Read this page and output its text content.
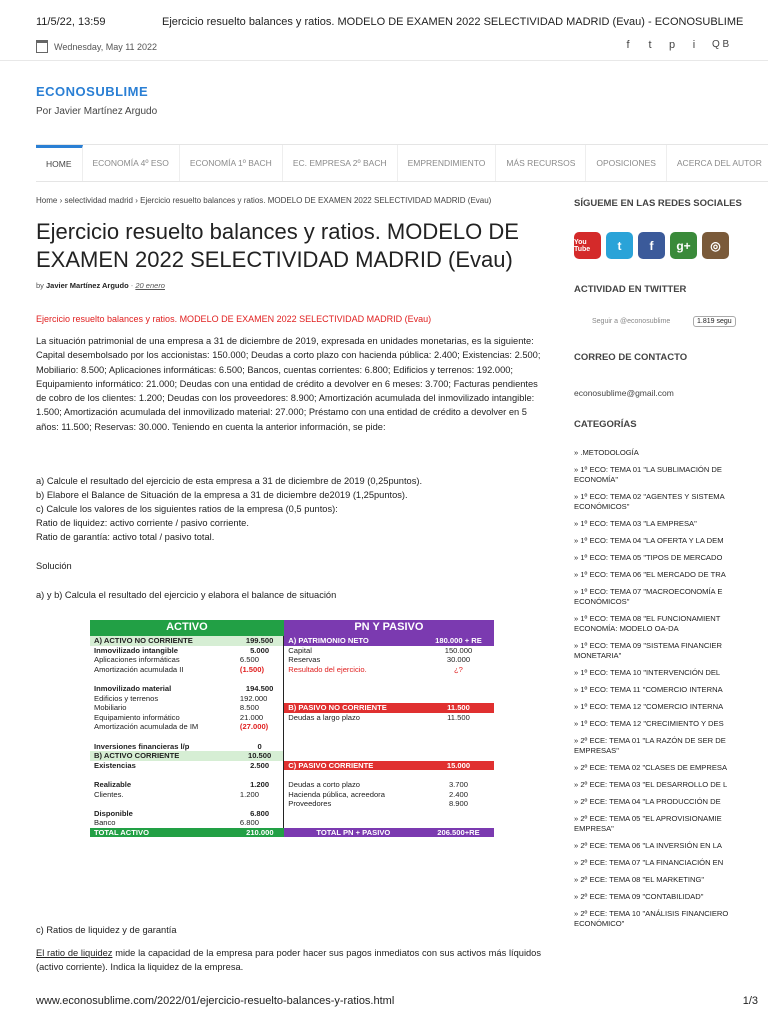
11/5/22, 13:59	Ejercicio resuelto balances y ratios. MODELO DE EXAMEN 2022 SELECTIVIDAD MADRID (Evau) - ECONOSUBLIME
www.econosublime.com/2022/01/ejercicio-resuelto-balances-y-ratios.html	1/3
Wednesday, May 11 2022	f	t	p	i	Q B
ECONOSUBLIME
Por Javier Martínez Argudo
HOME	ECONOMÍA 4º ESO	ECONOMÍA 1º BACH	EC. EMPRESA 2º BACH	EMPRENDIMIENTO	MÁS RECURSOS	OPOSICIONES	ACERCA DEL AUTOR
Home › selectividad madrid › Ejercicio resuelto balances y ratios. MODELO DE EXAMEN 2022 SELECTIVIDAD MADRID (Evau)
Ejercicio resuelto balances y ratios. MODELO DE EXAMEN 2022 SELECTIVIDAD MADRID (Evau)
by Javier Martínez Argudo - 20 enero
Ejercicio resuelto balances y ratios. MODELO DE EXAMEN 2022 SELECTIVIDAD MADRID (Evau)
La situación patrimonial de una empresa a 31 de diciembre de 2019, expresada en unidades monetarias, es la siguiente: Capital desembolsado por los accionistas: 150.000; Deudas a corto plazo con hacienda pública: 2.400; Existencias: 2.500; Mobiliario: 8.500; Aplicaciones informáticas: 6.500; Bancos, cuentas corrientes: 6.800; Edificios y terrenos: 192.000; Equipamiento informático: 21.000; Deudas con una entidad de crédito a devolver en 6 meses: 3.700; Facturas pendientes de cobro de los clientes: 1.200; Deudas con los proveedores: 8.900; Amortización acumulada del inmovilizado intangible: 1.500; Amortización acumulada del inmovilizado material: 27.000; Préstamo con una entidad de crédito a devolver en 5 años: 11.500; Reservas: 30.000. Teniendo en cuenta la anterior información, se pide:
a) Calcule el resultado del ejercicio de esta empresa a 31 de diciembre de 2019 (0,25puntos).
b) Elabore el Balance de Situación de la empresa a 31 de diciembre de2019 (1,25puntos).
c) Calcule los valores de los siguientes ratios de la empresa (0,5 puntos):
Ratio de liquidez: activo corriente / pasivo corriente.
Ratio de garantía: activo total / pasivo total.
Solución
a) y b) Calcula el resultado del ejercicio y elabora el balance de situación
ACTIVO		PN Y PASIVO	
A) ACTIVO NO CORRIENTE	199.500	A) PATRIMONIO NETO	180.000 + RE
Inmovilizado intangible	5.000	Capital	150.000
Aplicaciones informáticas	6.500	Reservas	30.000
Amortización acumulada II	(1.500)	Resultado del ejercicio.	¿?

Inmovilizado material	194.500		
Edificios y terrenos	192.000		
Mobiliario	8.500	B) PASIVO NO CORRIENTE	11.500
Equipamiento informático	21.000	Deudas a largo plazo	11.500
Amortización acumulada de IM	(27.000)		

Inversiones financieras l/p	0		
B) ACTIVO CORRIENTE	10.500		
Existencias	2.500	C) PASIVO CORRIENTE	15.000

Realizable	1.200	Deudas a corto plazo	3.700
Clientes.	1.200	Hacienda pública, acreedora	2.400
		Proveedores	8.900
Disponible	6.800		
Banco	6.800		
TOTAL ACTIVO	210.000	TOTAL PN + PASIVO	206.500+RE
c) Ratios de liquidez y de garantía
El ratio de liquidez mide la capacidad de la empresa para poder hacer sus pagos inmediatos con sus activos más líquidos (activo corriente). Indica la liquidez de la empresa.
SÍGUEME EN LAS REDES SOCIALES
You Tube	t	f	g+	◎
ACTIVIDAD EN TWITTER
Seguir a @econosublime	1.819 segu
CORREO DE CONTACTO
econosublime@gmail.com
CATEGORÍAS
» .METODOLOGÍA
» 1º ECO: TEMA 01 "LA SUBLIMACIÓN DE
ECONOMÍA"
» 1º ECO: TEMA 02 "AGENTES Y SISTEMA
ECONÓMICOS"
» 1º ECO: TEMA 03 "LA EMPRESA"
» 1º ECO: TEMA 04 "LA OFERTA Y LA DEM
» 1º ECO: TEMA 05 "TIPOS DE MERCADO
» 1º ECO: TEMA 06 "EL MERCADO DE TRA
» 1º ECO: TEMA 07 "MACROECONOMÍA E
ECONÓMICOS"
» 1º ECO: TEMA 08 "EL FUNCIONAMIENT
ECONOMÍA: MODELO OA-DA
» 1º ECO: TEMA 09 "SISTEMA FINANCIER
MONETARIA"
» 1º ECO: TEMA 10 "INTERVENCIÓN DEL
» 1º ECO: TEMA 11 "COMERCIO INTERNA
» 1º ECO: TEMA 12 "COMERCIO INTERNA
» 1º ECO: TEMA 12 "CRECIMIENTO Y DES
» 2º ECE: TEMA 01 "LA RAZÓN DE SER DE
EMPRESAS"
» 2º ECE: TEMA 02 "CLASES DE EMPRESA
» 2º ECE: TEMA 03 "EL DESARROLLO DE L
» 2º ECE: TEMA 04 "LA PRODUCCIÓN DE
» 2º ECE: TEMA 05 "EL APROVISIONAMIE
EMPRESA"
» 2º ECE: TEMA 06 "LA INVERSIÓN EN LA
» 2º ECE: TEMA 07 "LA FINANCIACIÓN EN
» 2º ECE: TEMA 08 "EL MARKETING"
» 2º ECE: TEMA 09 "CONTABILIDAD"
» 2º ECE: TEMA 10 "ANÁLISIS FINANCIERO
ECONÓMICO"
